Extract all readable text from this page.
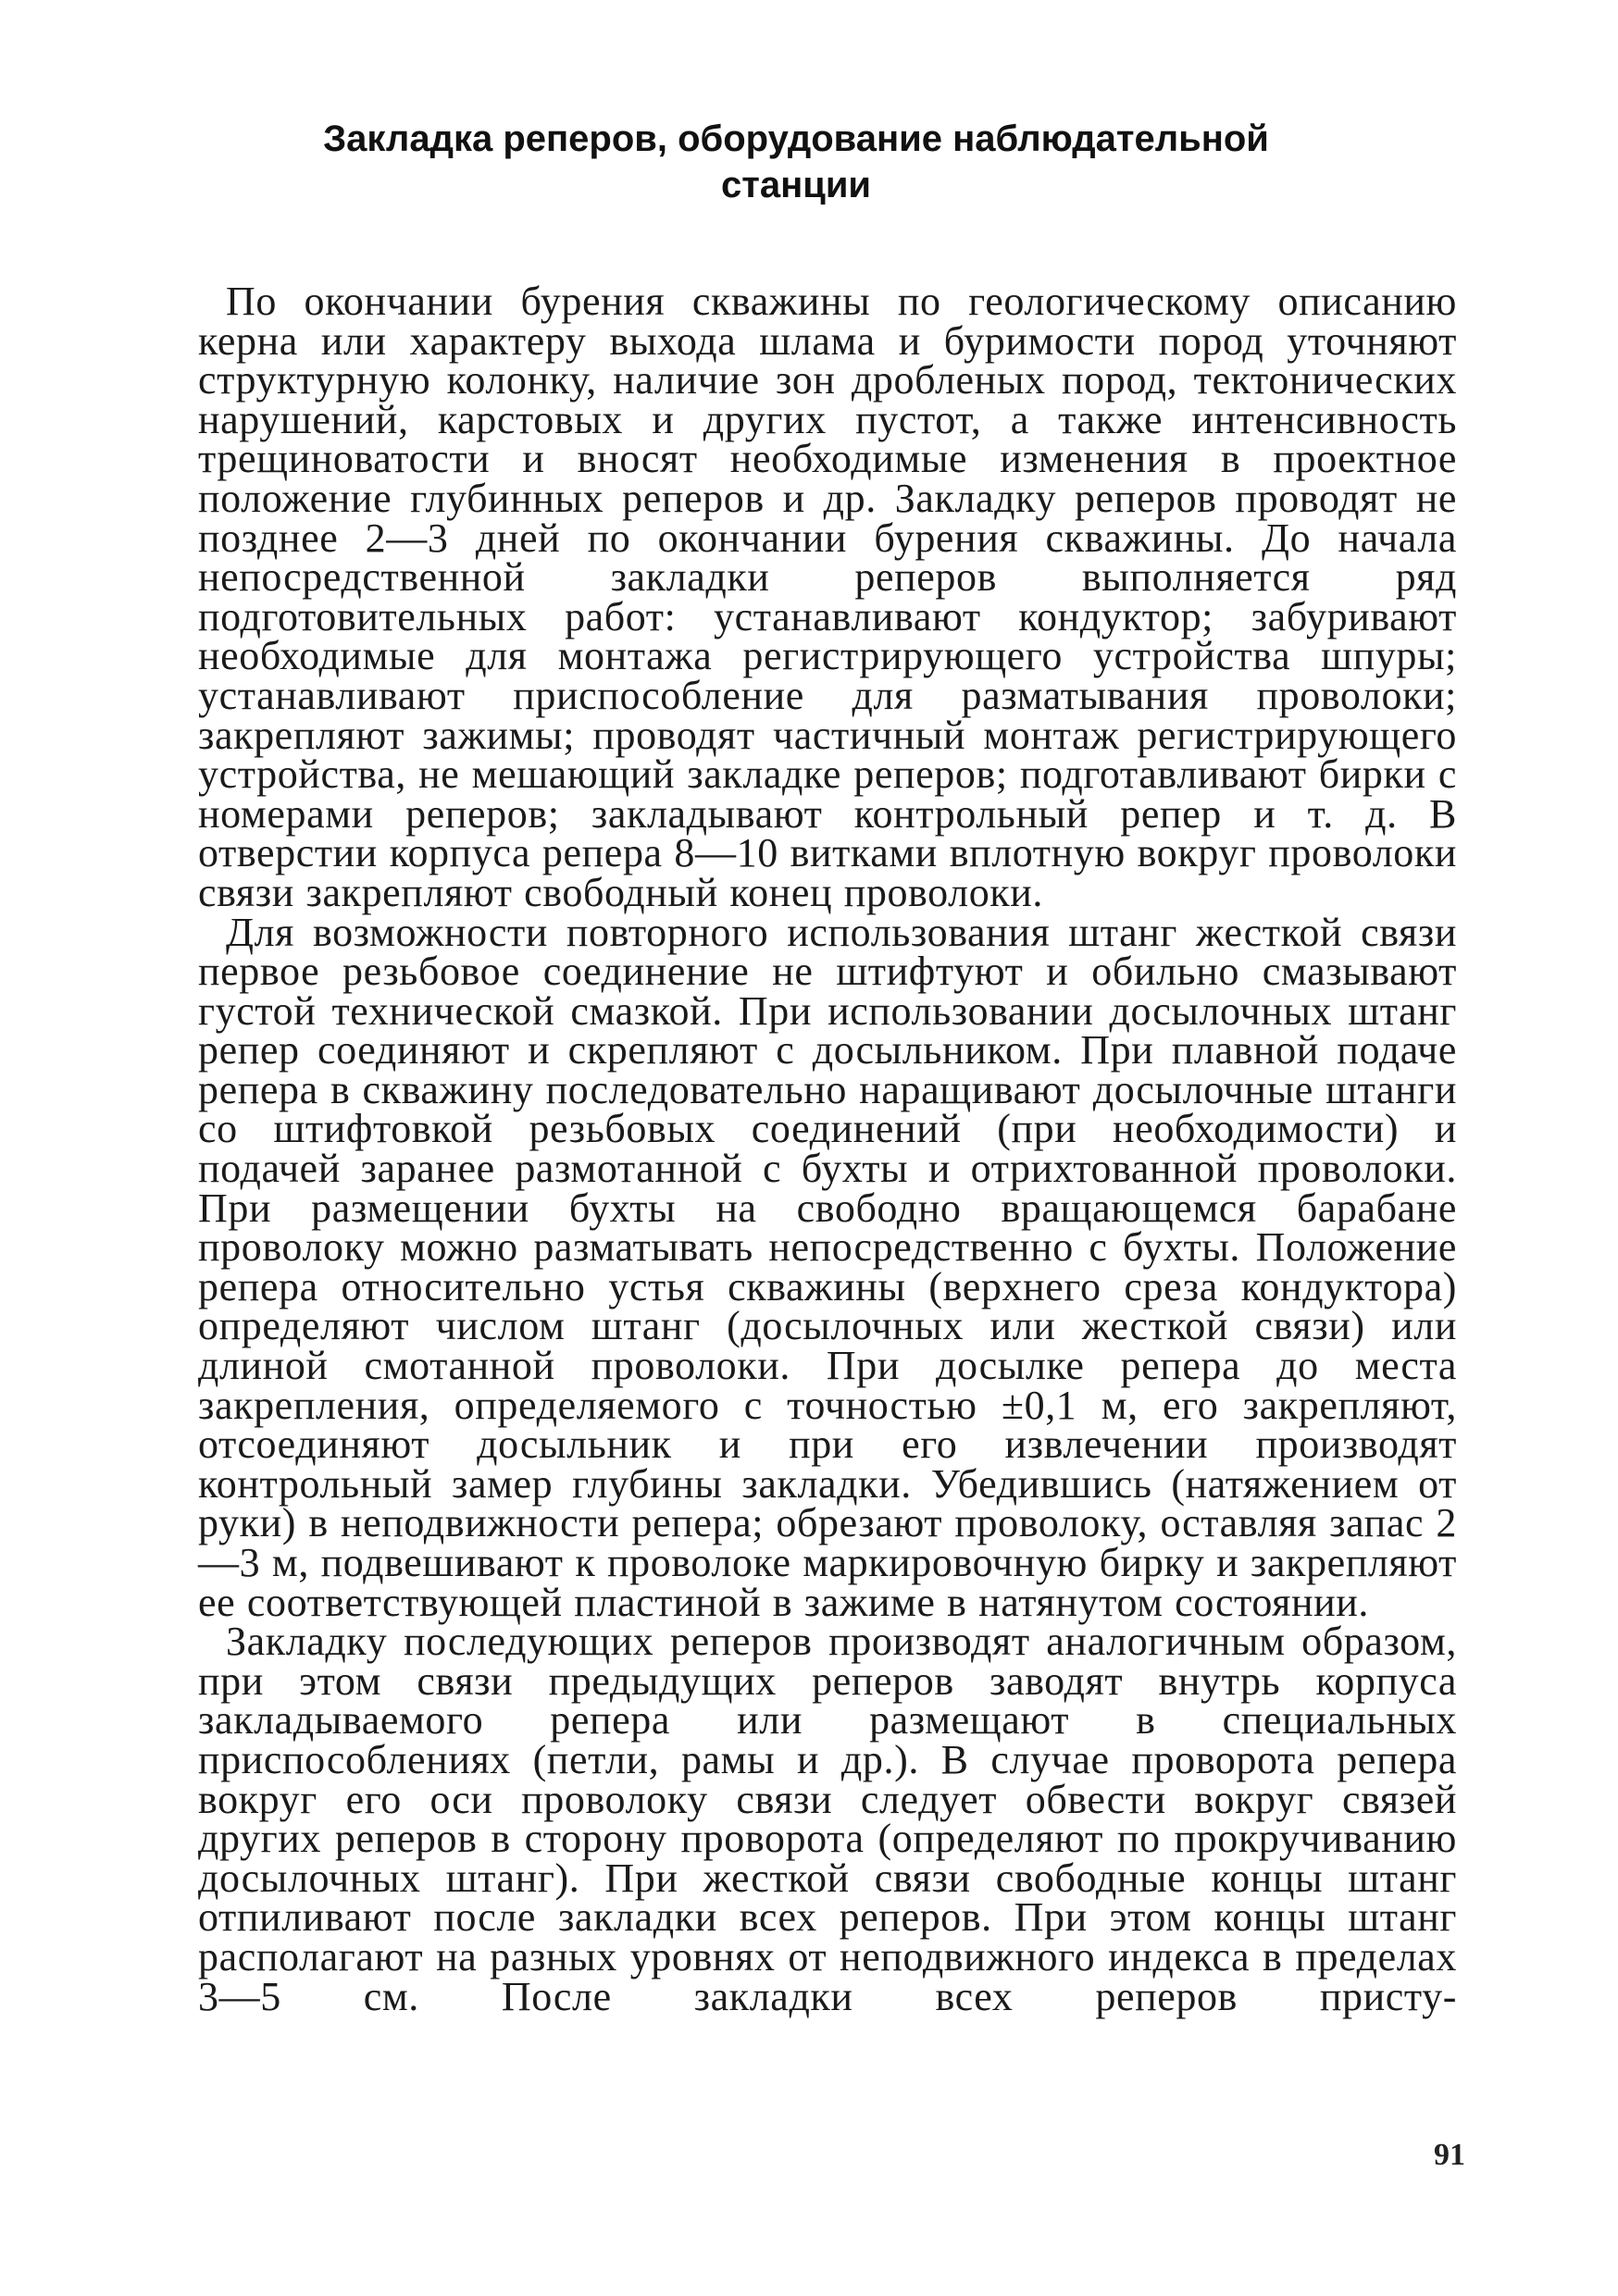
Закладка реперов, оборудование наблюдательной
станции

По окончании бурения скважины по геологическому описанию керна или характеру выхода шлама и буримости пород уточняют структурную колонку, наличие зон дробленых пород, тектонических нарушений, карстовых и других пустот, а также интенсивность трещиноватости и вносят необходимые изменения в проектное положение глубинных реперов и др. Закладку реперов проводят не позднее 2—3 дней по окончании бурения скважины. До начала непосредственной закладки реперов выполняется ряд подготовительных работ: устанавливают кондуктор; забуривают необходимые для монтажа регистрирующего устройства шпуры; устанавливают приспособление для разматывания проволоки; закрепляют зажимы; проводят частичный монтаж регистрирующего устройства, не мешающий закладке реперов; подготавливают бирки с номерами реперов; закладывают контрольный репер и т. д. В отверстии корпуса репера 8—10 витками вплотную вокруг проволоки связи закрепляют свободный конец проволоки.

Для возможности повторного использования штанг жесткой связи первое резьбовое соединение не штифтуют и обильно смазывают густой технической смазкой. При использовании досылочных штанг репер соединяют и скрепляют с досыльником. При плавной подаче репера в скважину последовательно наращивают досылочные штанги со штифтовкой резьбовых соединений (при необходимости) и подачей заранее размотанной с бухты и отрихтованной проволоки. При размещении бухты на свободно вращающемся барабане проволоку можно разматывать непосредственно с бухты. Положение репера относительно устья скважины (верхнего среза кондуктора) определяют числом штанг (досылочных или жесткой связи) или длиной смотанной проволоки. При досылке репера до места закрепления, определяемого с точностью ±0,1 м, его закрепляют, отсоединяют досыльник и при его извлечении производят контрольный замер глубины закладки. Убедившись (натяжением от руки) в неподвижности репера; обрезают проволоку, оставляя запас 2—3 м, подвешивают к проволоке маркировочную бирку и закрепляют ее соответствующей пластиной в зажиме в натянутом состоянии.

Закладку последующих реперов производят аналогичным образом, при этом связи предыдущих реперов заводят внутрь корпуса закладываемого репера или размещают в специальных приспособлениях (петли, рамы и др.). В случае проворота репера вокруг его оси проволоку связи следует обвести вокруг связей других реперов в сторону проворота (определяют по прокручиванию досылочных штанг). При жесткой связи свободные концы штанг отпиливают после закладки всех реперов. При этом концы штанг располагают на разных уровнях от неподвижного индекса в пределах 3—5 см. После закладки всех реперов присту-

91
